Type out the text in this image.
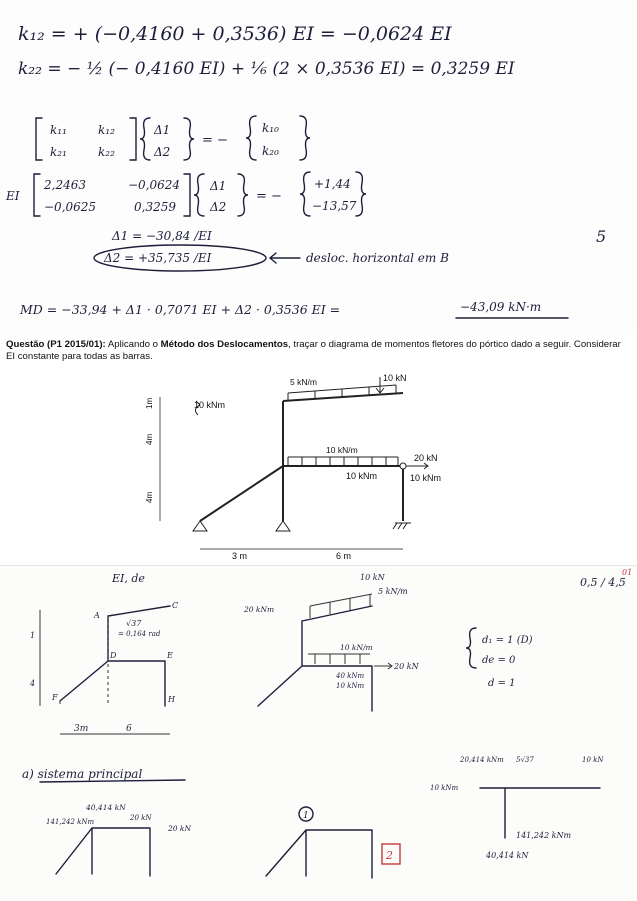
k₁₂ = + (−0,4160 + 0,3536) EI = −0,0624 EI
k₂₂ = − ½ (− 0,4160 EI) + ⅙ (2 × 0,3536 EI) = 0,3259 EI
k₁₁	k₁₂
k₂₁	k₂₂
Δ1
Δ2
= −
k₁₀
k₂₀
EI
2,2463	−0,0624
−0,0625	0,3259
Δ1
Δ2
= −
+1,44
−13,57
Δ1 = −30,84 /EI
Δ2 = +35,735 /EI	desloc. horizontal em B
5
MD = −33,94 + Δ1 · 0,7071 EI + Δ2 · 0,3536 EI =	−43,09 kN·m

Questão (P1 2015/01): Aplicando o Método dos Deslocamentos, traçar o diagrama de momentos fletores do pórtico dado a seguir. Considerar EI constante para todas as barras.

10 kN
5 kN/m
10 kNm
10 kN/m
20 kN
10 kNm	10 kNm
1m
4m
4m
3 m	6 m
EI, de	0,5 / 4,5
01
A
C
D	E
F	H
√37
= 0,164 rad
1
4
3m	6
10 kN
5 kN/m
20 kNm
10 kN/m
20 kN
40 kNm
10 kNm
d₁ = 1 (D)
de = 0
d = 1
a) sistema principal
20,414 kNm 5√37	10 kN
10 kNm
141,242 kNm
40,414 kN
40,414 kN
141,242 kNm	20 kN
20 kN
1
2
